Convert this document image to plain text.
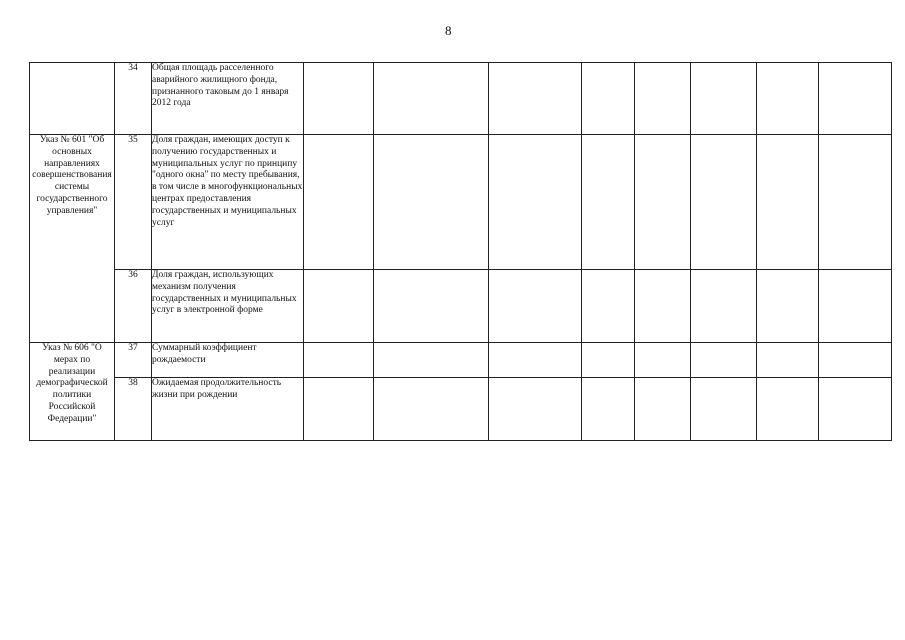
8
	34	Общая площадь расселенного аварийного жилищного фонда, признанного таковым до 1 января 2012 года								
Указ № 601 "Об основных направлениях совершенствования системы государственного управления"	35	Доля граждан, имеющих доступ к получению государственных и муниципальных услуг по принципу "одного окна" по месту пребывания, в том числе в многофункциональных центрах предоставления государственных и муниципальных услуг								
	36	Доля граждан, использующих механизм получения государственных и муниципальных услуг в электронной форме								
Указ № 606 "О мерах по реализации демографической политики Российской Федерации"	37	Суммарный коэффициент рождаемости								
	38	Ожидаемая продолжительность жизни при рождении								
